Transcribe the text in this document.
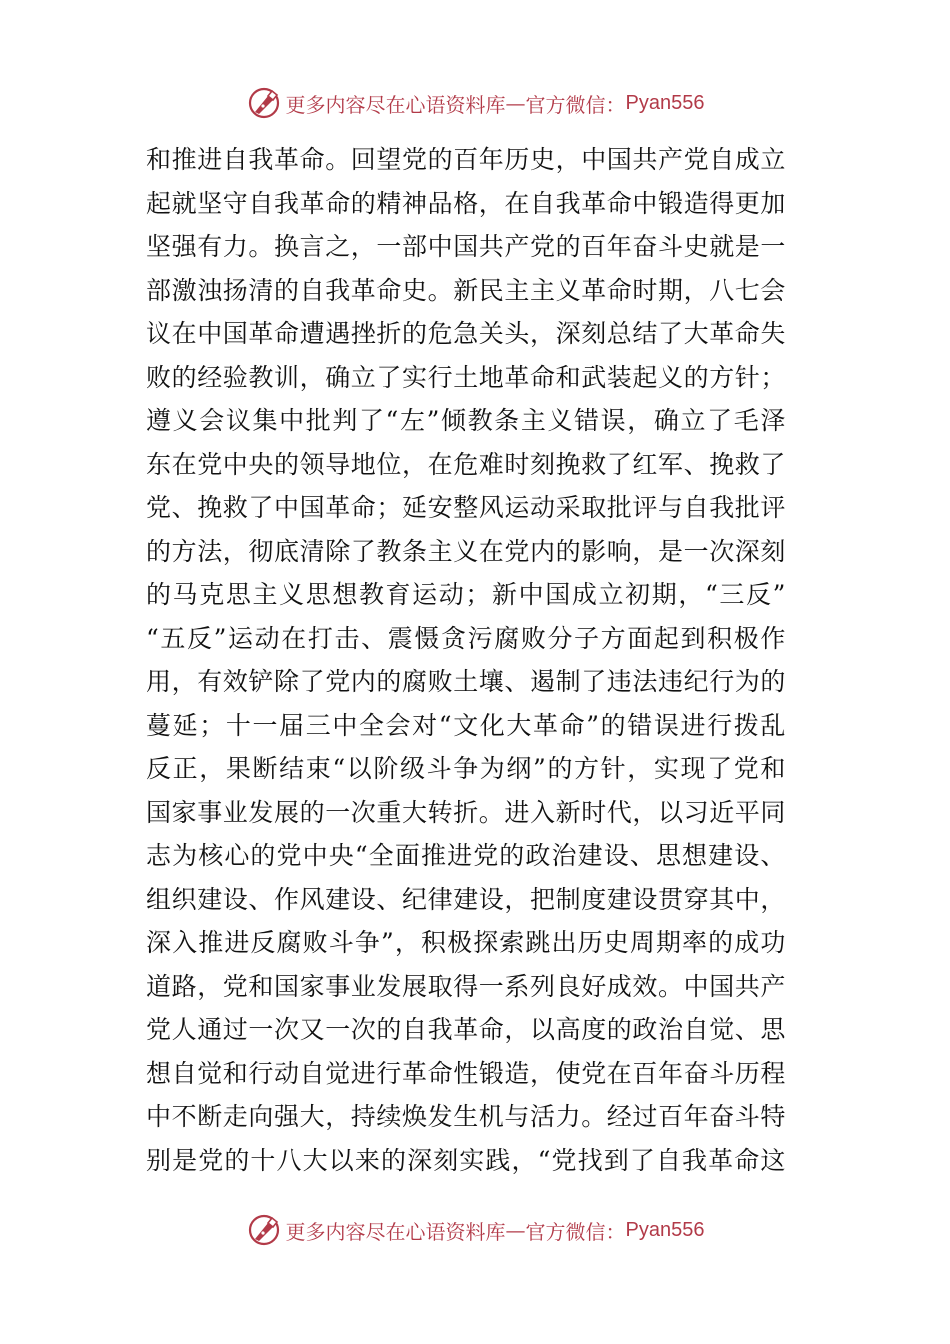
更多内容尽在心语资料库 — 官方微信： Pyan556
和推进自我革命。回望党的百年历史，中国共产党自成立
起就坚守自我革命的精神品格，在自我革命中锻造得更加
坚强有力。换言之，一部中国共产党的百年奋斗史就是一
部激浊扬清的自我革命史。新民主主义革命时期，八七会
议在中国革命遭遇挫折的危急关头，深刻总结了大革命失
败的经验教训，确立了实行土地革命和武装起义的方针；
遵义会议集中批判了“左”倾教条主义错误，确立了毛泽
东在党中央的领导地位，在危难时刻挽救了红军、挽救了
党、挽救了中国革命；延安整风运动采取批评与自我批评
的方法，彻底清除了教条主义在党内的影响，是一次深刻
的马克思主义思想教育运动；新中国成立初期，“三反”
“五反”运动在打击、震慑贪污腐败分子方面起到积极作
用，有效铲除了党内的腐败土壤、遏制了违法违纪行为的
蔓延；十一届三中全会对“文化大革命”的错误进行拨乱
反正，果断结束“以阶级斗争为纲”的方针，实现了党和
国家事业发展的一次重大转折。进入新时代，以习近平同
志为核心的党中央“全面推进党的政治建设、思想建设、
组织建设、作风建设、纪律建设，把制度建设贯穿其中，
深入推进反腐败斗争”，积极探索跳出历史周期率的成功
道路，党和国家事业发展取得一系列良好成效。中国共产
党人通过一次又一次的自我革命，以高度的政治自觉、思
想自觉和行动自觉进行革命性锻造，使党在百年奋斗历程
中不断走向强大，持续焕发生机与活力。经过百年奋斗特
别是党的十八大以来的深刻实践，“党找到了自我革命这
更多内容尽在心语资料库 — 官方微信： Pyan556
